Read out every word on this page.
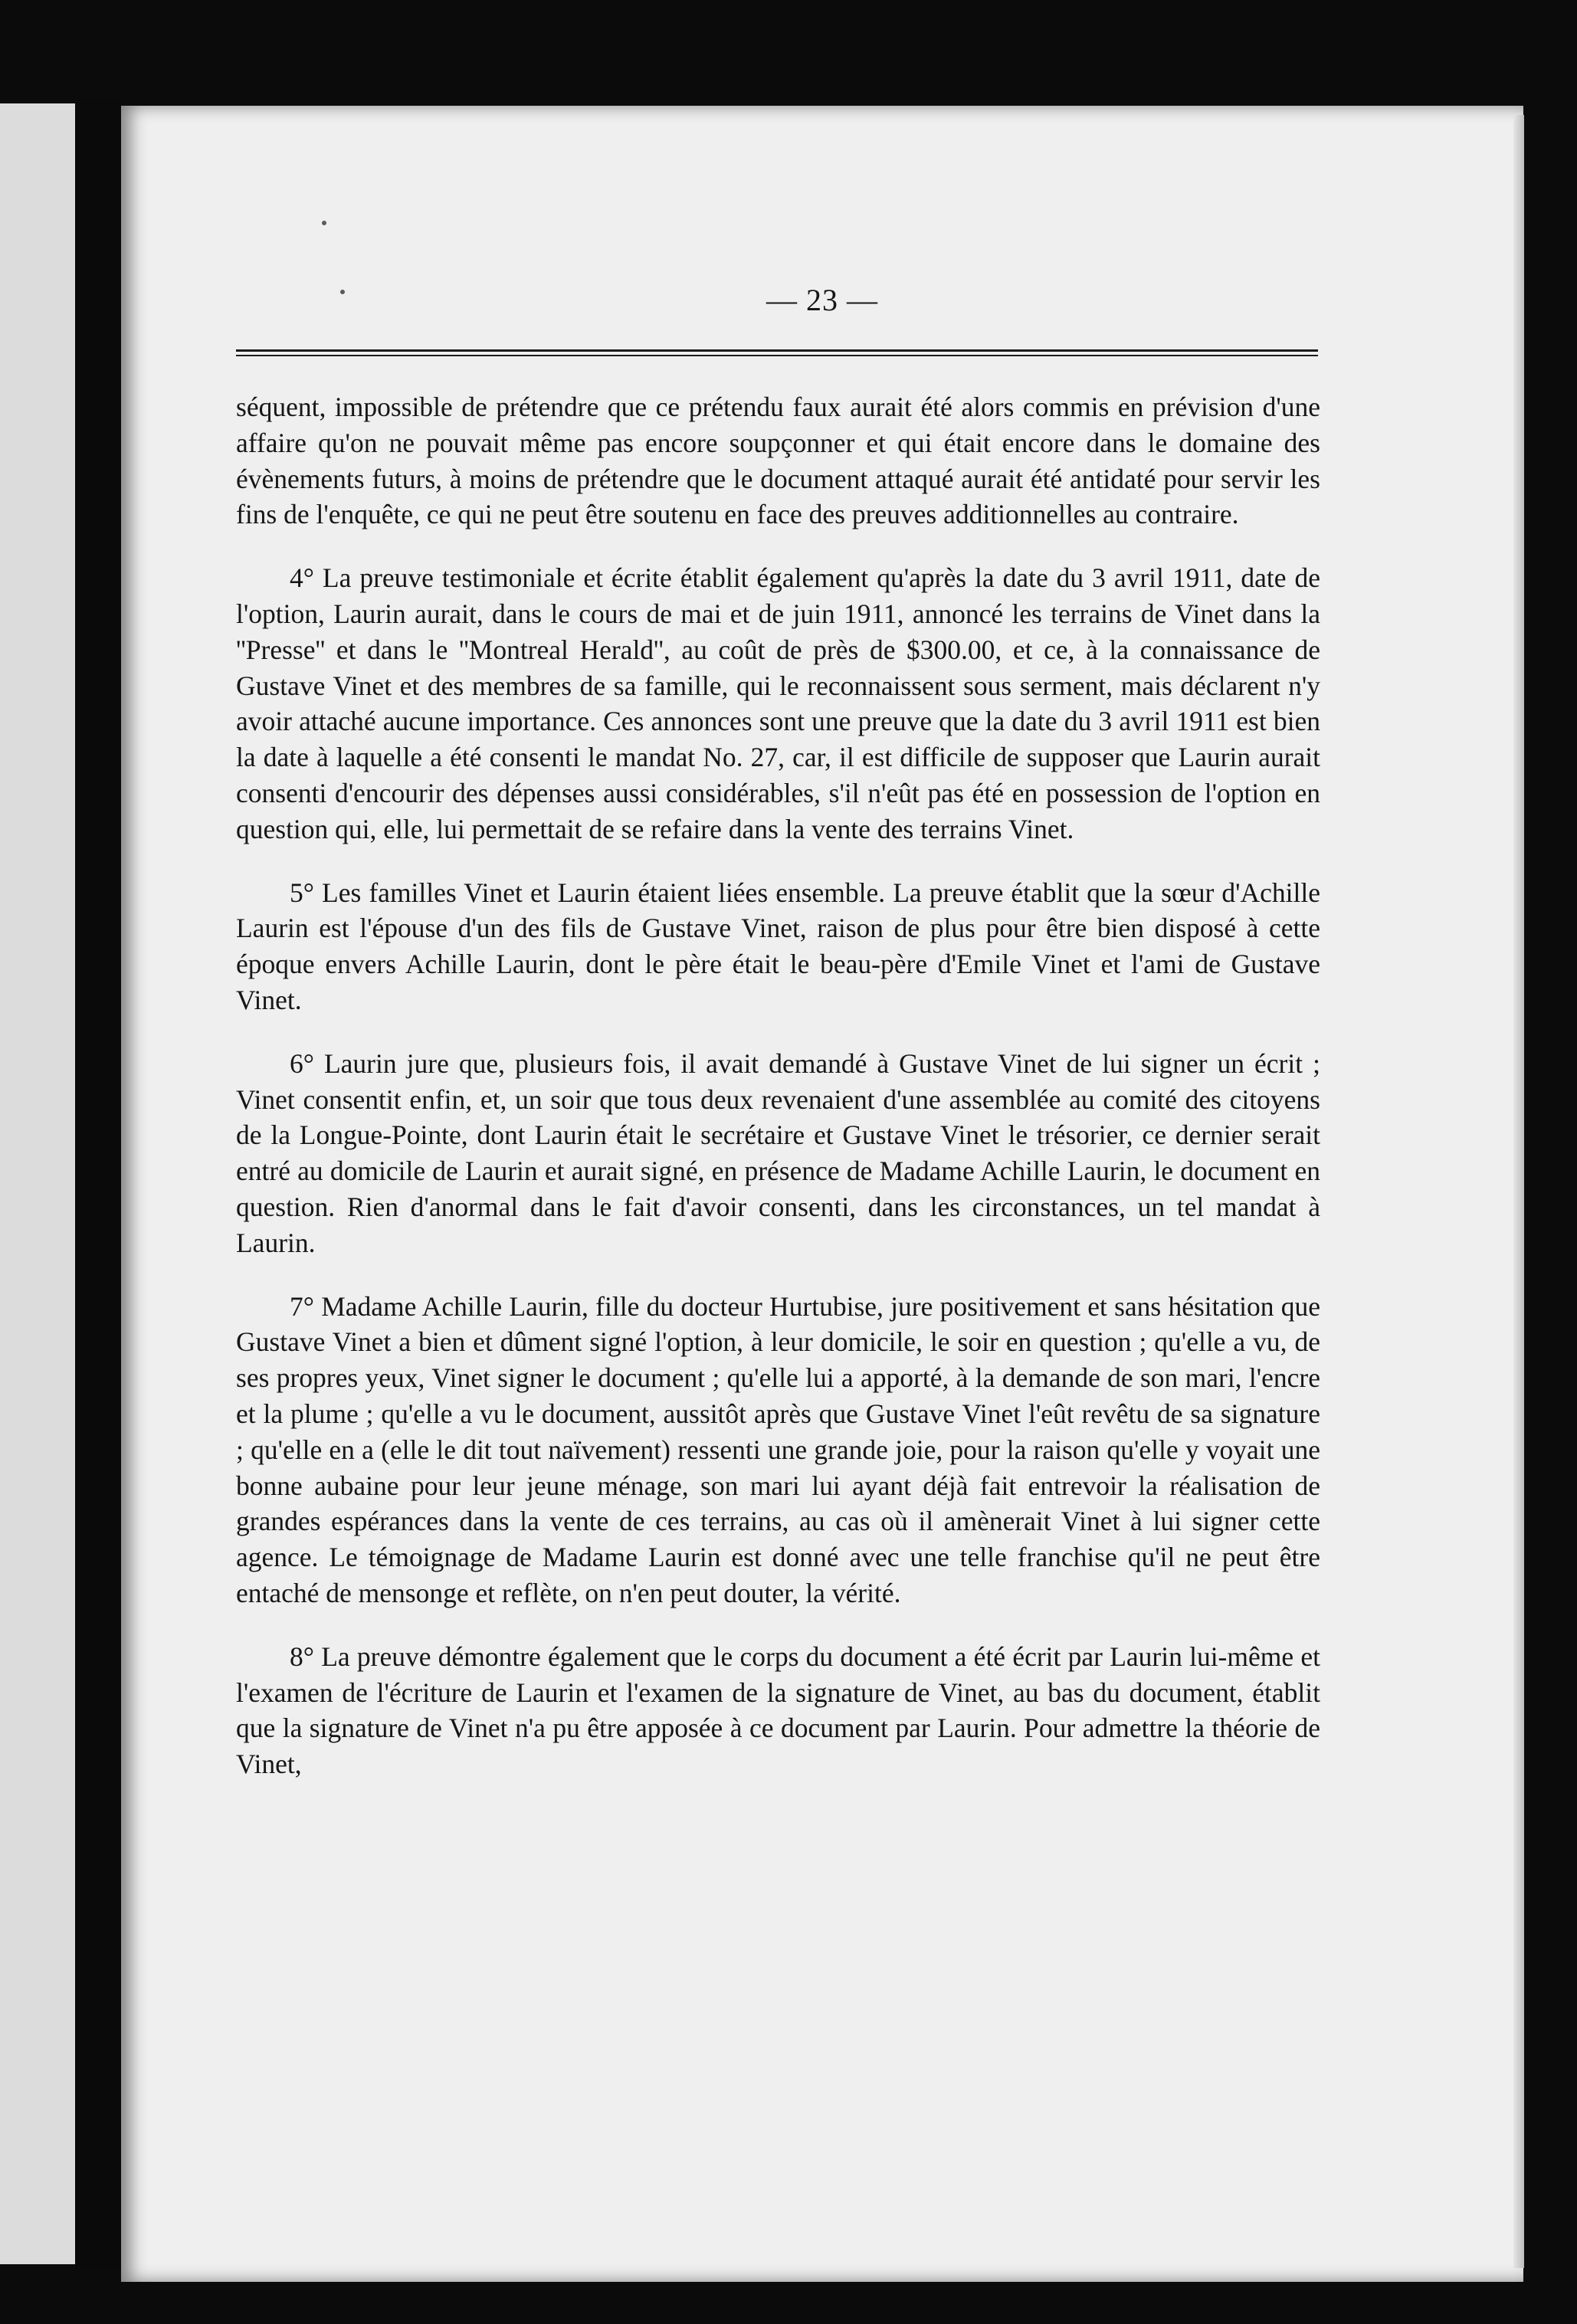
— 23 —

séquent, impossible de prétendre que ce prétendu faux aurait été alors commis en prévision d'une affaire qu'on ne pouvait même pas encore soupçonner et qui était encore dans le domaine des évènements futurs, à moins de prétendre que le document attaqué aurait été antidaté pour servir les fins de l'enquête, ce qui ne peut être soutenu en face des preuves additionnelles au contraire.

4° La preuve testimoniale et écrite établit également qu'après la date du 3 avril 1911, date de l'option, Laurin aurait, dans le cours de mai et de juin 1911, annoncé les terrains de Vinet dans la ''Presse'' et dans le ''Montreal Herald'', au coût de près de $300.00, et ce, à la connaissance de Gustave Vinet et des membres de sa famille, qui le reconnaissent sous serment, mais déclarent n'y avoir attaché aucune importance. Ces annonces sont une preuve que la date du 3 avril 1911 est bien la date à laquelle a été consenti le mandat No. 27, car, il est difficile de supposer que Laurin aurait consenti d'encourir des dépenses aussi considérables, s'il n'eût pas été en possession de l'option en question qui, elle, lui permettait de se refaire dans la vente des terrains Vinet.

5° Les familles Vinet et Laurin étaient liées ensemble. La preuve établit que la sœur d'Achille Laurin est l'épouse d'un des fils de Gustave Vinet, raison de plus pour être bien disposé à cette époque envers Achille Laurin, dont le père était le beau-père d'Emile Vinet et l'ami de Gustave Vinet.

6° Laurin jure que, plusieurs fois, il avait demandé à Gustave Vinet de lui signer un écrit ; Vinet consentit enfin, et, un soir que tous deux revenaient d'une assemblée au comité des citoyens de la Longue-Pointe, dont Laurin était le secrétaire et Gustave Vinet le trésorier, ce dernier serait entré au domicile de Laurin et aurait signé, en présence de Madame Achille Laurin, le document en question. Rien d'anormal dans le fait d'avoir consenti, dans les circonstances, un tel mandat à Laurin.

7° Madame Achille Laurin, fille du docteur Hurtubise, jure positivement et sans hésitation que Gustave Vinet a bien et dûment signé l'option, à leur domicile, le soir en question ; qu'elle a vu, de ses propres yeux, Vinet signer le document ; qu'elle lui a apporté, à la demande de son mari, l'encre et la plume ; qu'elle a vu le document, aussitôt après que Gustave Vinet l'eût revêtu de sa signature ; qu'elle en a (elle le dit tout naïvement) ressenti une grande joie, pour la raison qu'elle y voyait une bonne aubaine pour leur jeune ménage, son mari lui ayant déjà fait entrevoir la réalisation de grandes espérances dans la vente de ces terrains, au cas où il amènerait Vinet à lui signer cette agence. Le témoignage de Madame Laurin est donné avec une telle franchise qu'il ne peut être entaché de mensonge et reflète, on n'en peut douter, la vérité.

8° La preuve démontre également que le corps du document a été écrit par Laurin lui-même et l'examen de l'écriture de Laurin et l'examen de la signature de Vinet, au bas du document, établit que la signature de Vinet n'a pu être apposée à ce document par Laurin. Pour admettre la théorie de Vinet,
